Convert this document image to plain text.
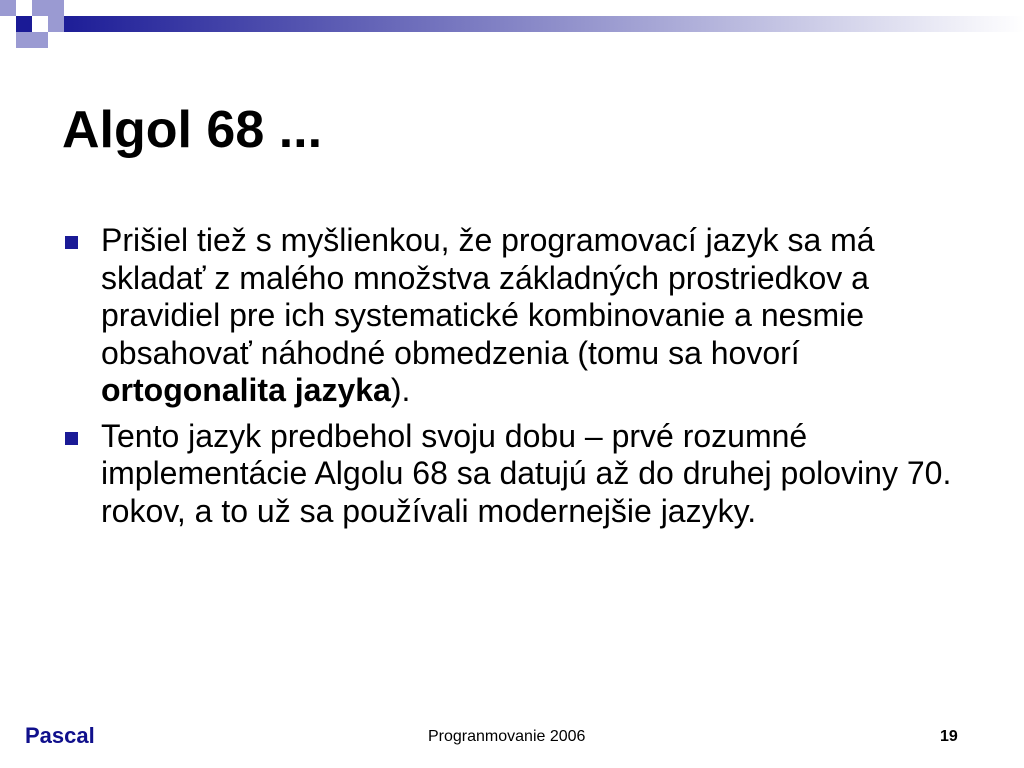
Algol 68 ...
Prišiel tiež s myšlienkou, že programovací jazyk sa má skladať z malého množstva základných prostriedkov a pravidiel pre ich systematické kombinovanie a nesmie obsahovať náhodné obmedzenia (tomu sa hovorí ortogonalita jazyka).
Tento jazyk predbehol svoju dobu – prvé rozumné implementácie Algolu 68 sa datujú až do druhej poloviny 70. rokov, a to už sa používali modernejšie jazyky.
Pascal	Progranmovanie 2006	19
